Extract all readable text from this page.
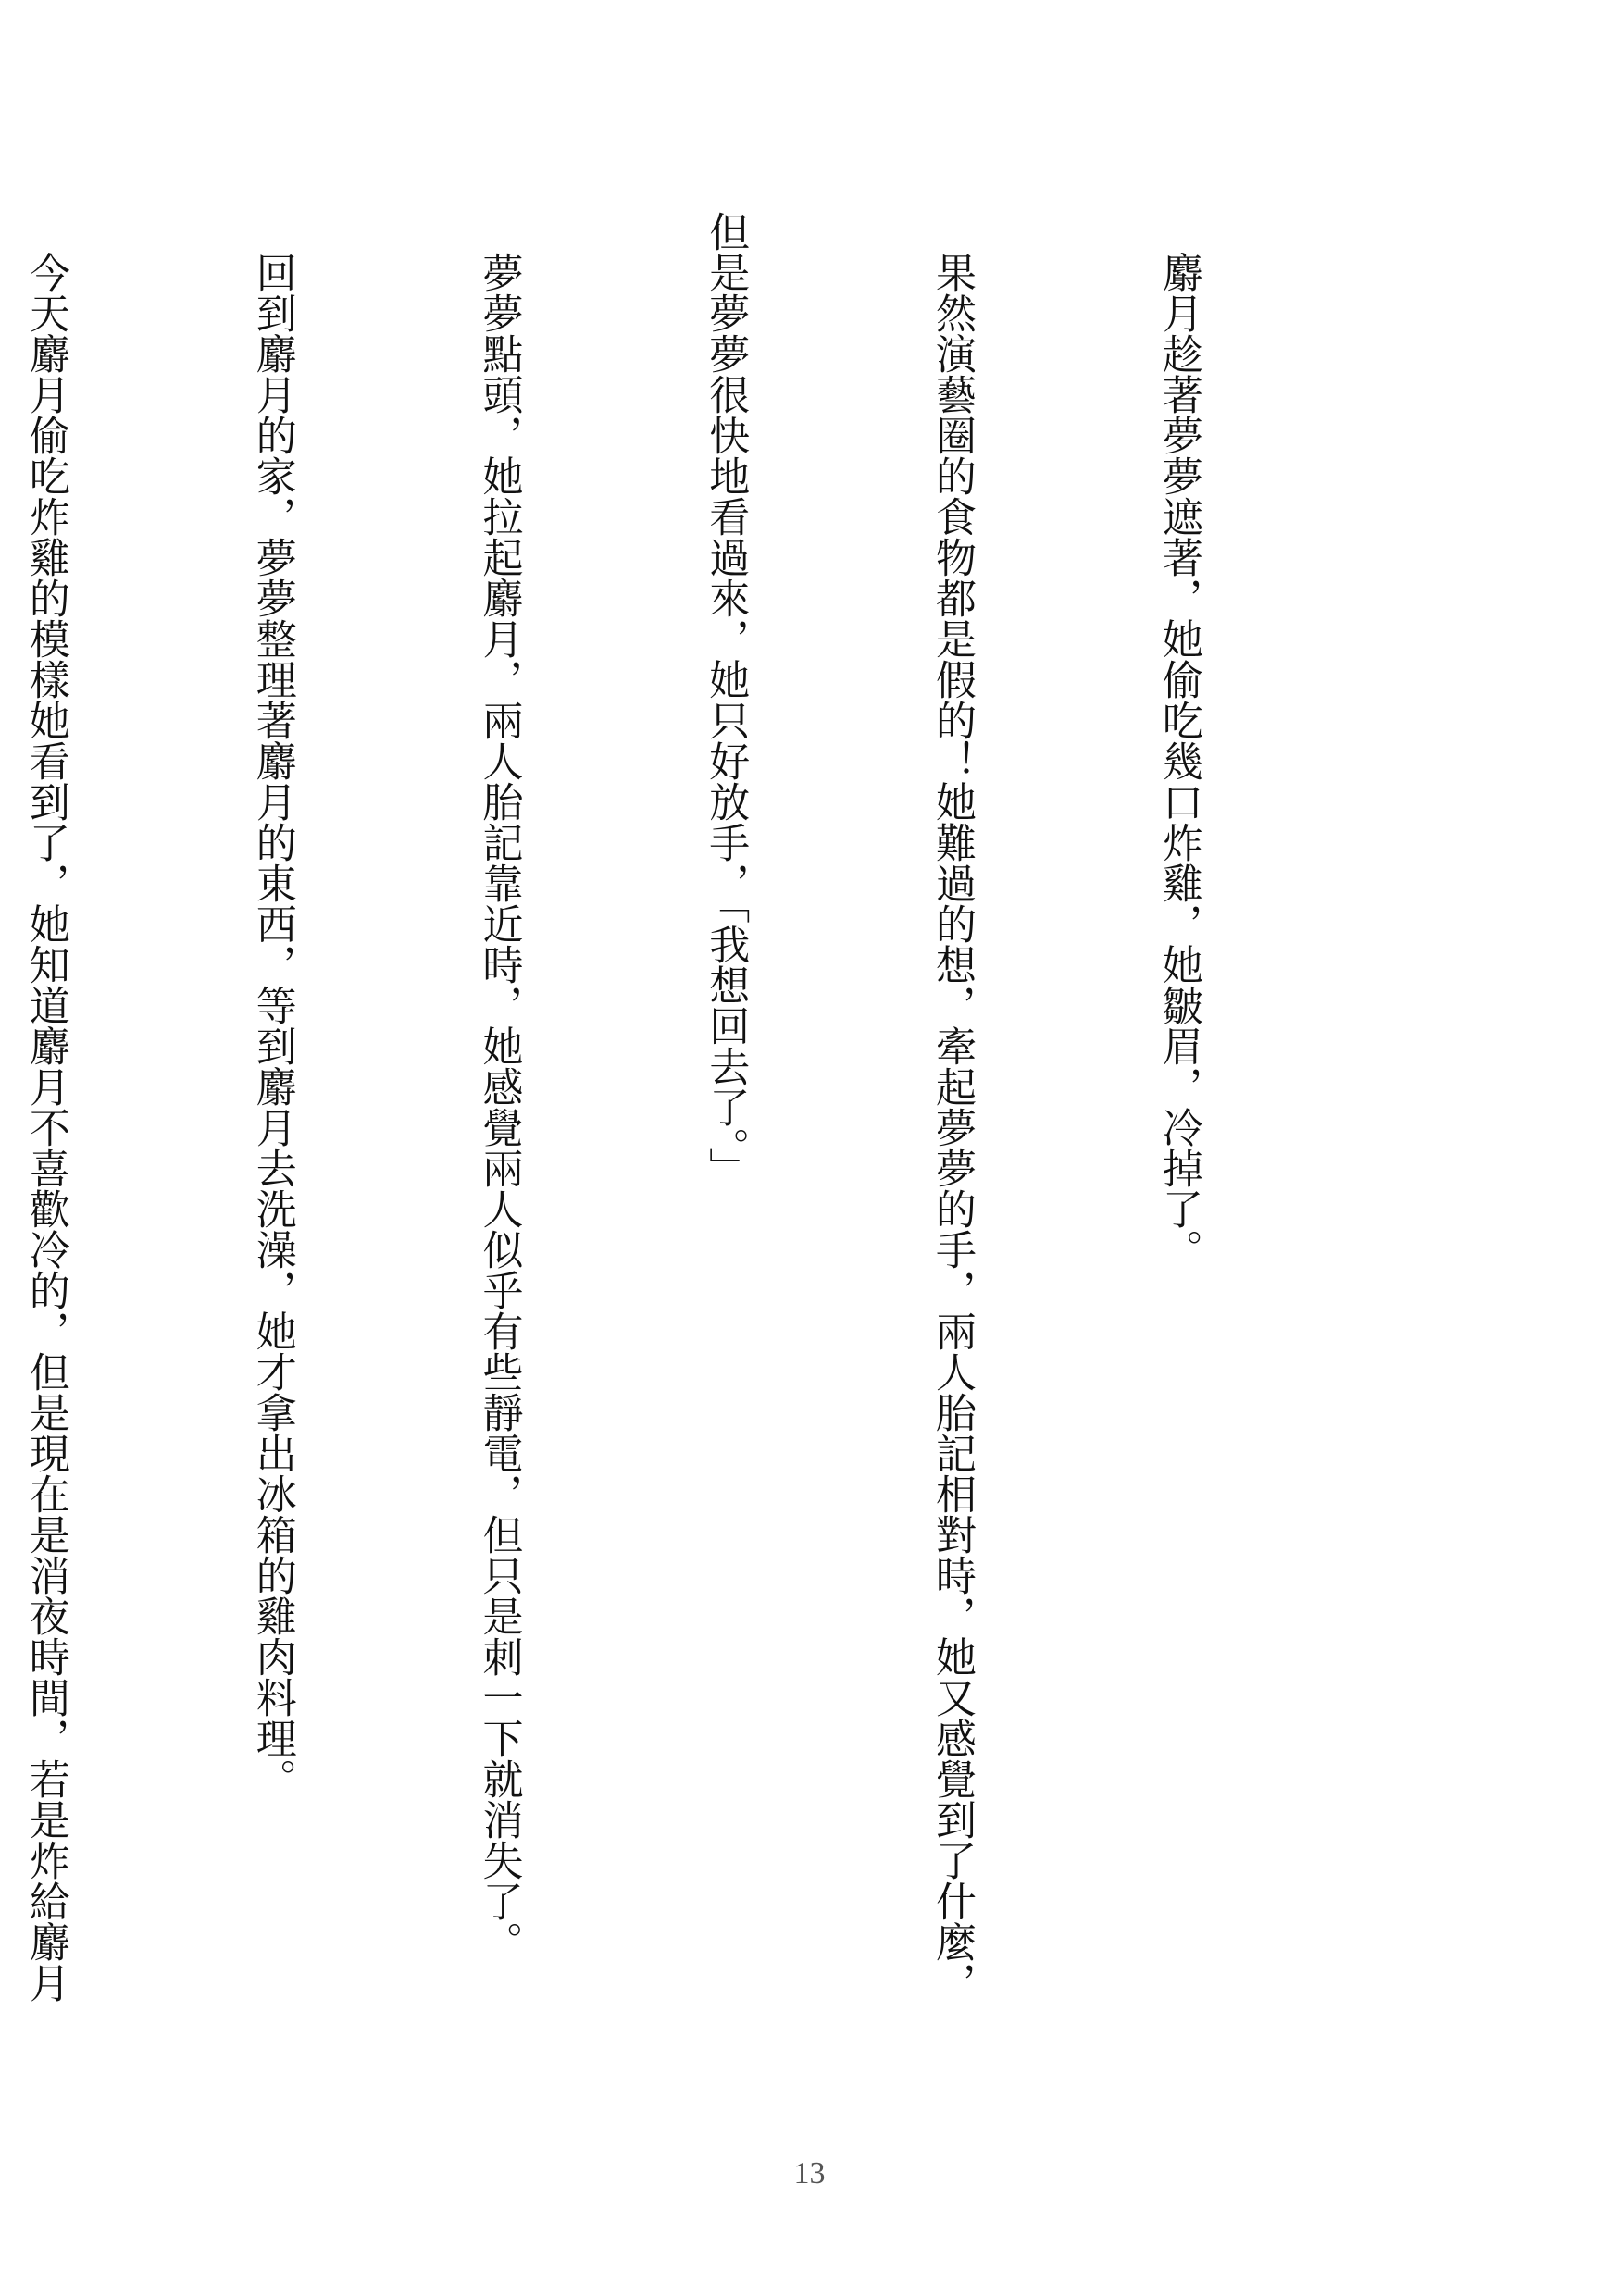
麝月趁著夢夢遮著，她偷吃幾口炸雞，她皺眉，冷掉了。

果然演藝圈的食物都是假的！她難過的想，牽起夢夢的手，兩人胎記相對時，她又感覺到了什麼，

但是夢夢很快地看過來，她只好放手，「我想回去了。」

夢夢點頭，她拉起麝月，兩人胎記靠近時，她感覺兩人似乎有些靜電，但只是刺一下就消失了。

回到麝月的家，夢夢整理著麝月的東西，等到麝月去洗澡，她才拿出冰箱的雞肉料理。

今天麝月偷吃炸雞的模樣她看到了，她知道麝月不喜歡冷的，但是現在是消夜時間，若是炸給麝月

13
